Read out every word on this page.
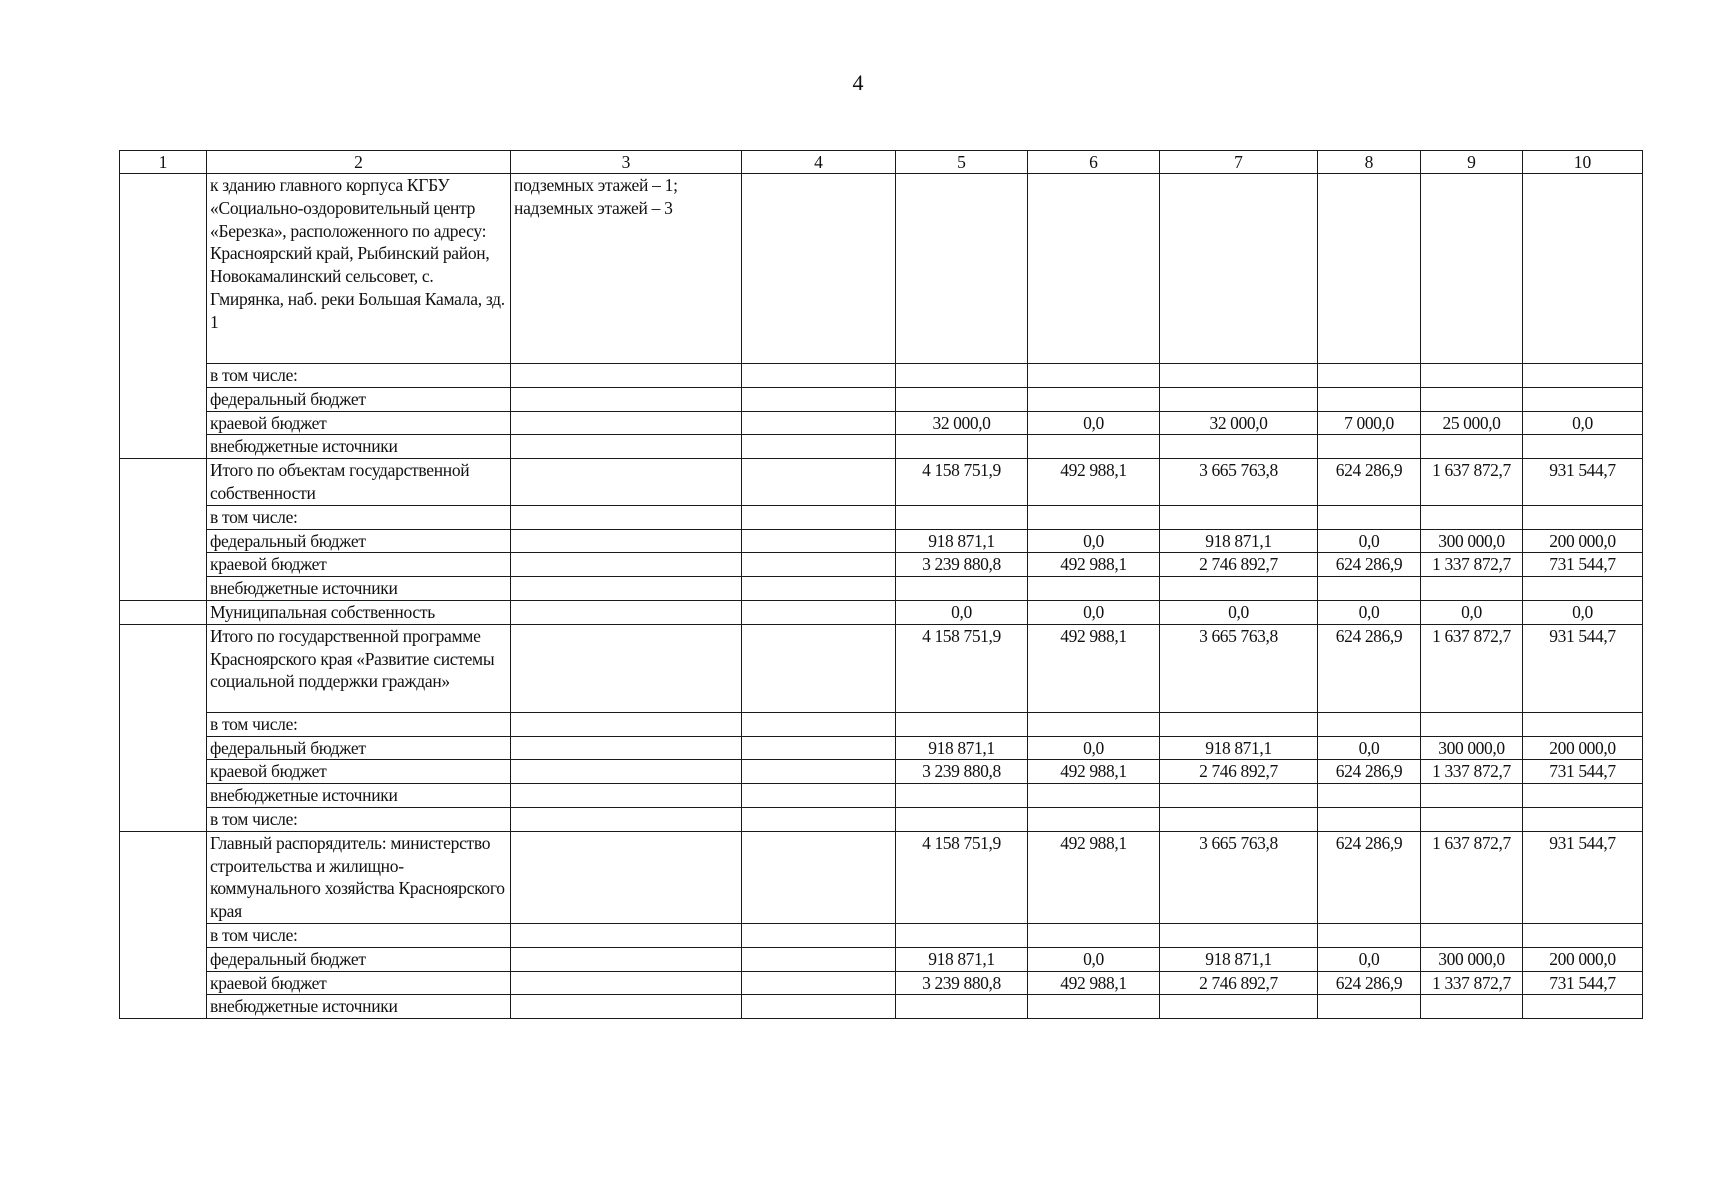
4
1	2	3	4	5	6	7	8	9	10
	к зданию главного корпуса КГБУ «Социально-оздоровительный центр «Березка», расположенного по адресу: Красноярский край, Рыбинский район, Новокамалинский сельсовет, с. Гмирянка, наб. реки Большая Камала, зд. 1	подземных этажей – 1; надземных этажей – 3							
	в том числе:								
	федеральный бюджет								
	краевой бюджет			32 000,0	0,0	32 000,0	7 000,0	25 000,0	0,0
	внебюджетные источники								
	Итого по объектам государственной собственности			4 158 751,9	492 988,1	3 665 763,8	624 286,9	1 637 872,7	931 544,7
	в том числе:								
	федеральный бюджет			918 871,1	0,0	918 871,1	0,0	300 000,0	200 000,0
	краевой бюджет			3 239 880,8	492 988,1	2 746 892,7	624 286,9	1 337 872,7	731 544,7
	внебюджетные источники								
	Муниципальная собственность			0,0	0,0	0,0	0,0	0,0	0,0
	Итого по государственной программе Красноярского края «Развитие системы социальной поддержки граждан»			4 158 751,9	492 988,1	3 665 763,8	624 286,9	1 637 872,7	931 544,7
	в том числе:								
	федеральный бюджет			918 871,1	0,0	918 871,1	0,0	300 000,0	200 000,0
	краевой бюджет			3 239 880,8	492 988,1	2 746 892,7	624 286,9	1 337 872,7	731 544,7
	внебюджетные источники								
	в том числе:								
	Главный распорядитель: министерство строительства и жилищно-коммунального хозяйства Красноярского края			4 158 751,9	492 988,1	3 665 763,8	624 286,9	1 637 872,7	931 544,7
	в том числе:								
	федеральный бюджет			918 871,1	0,0	918 871,1	0,0	300 000,0	200 000,0
	краевой бюджет			3 239 880,8	492 988,1	2 746 892,7	624 286,9	1 337 872,7	731 544,7
	внебюджетные источники								
